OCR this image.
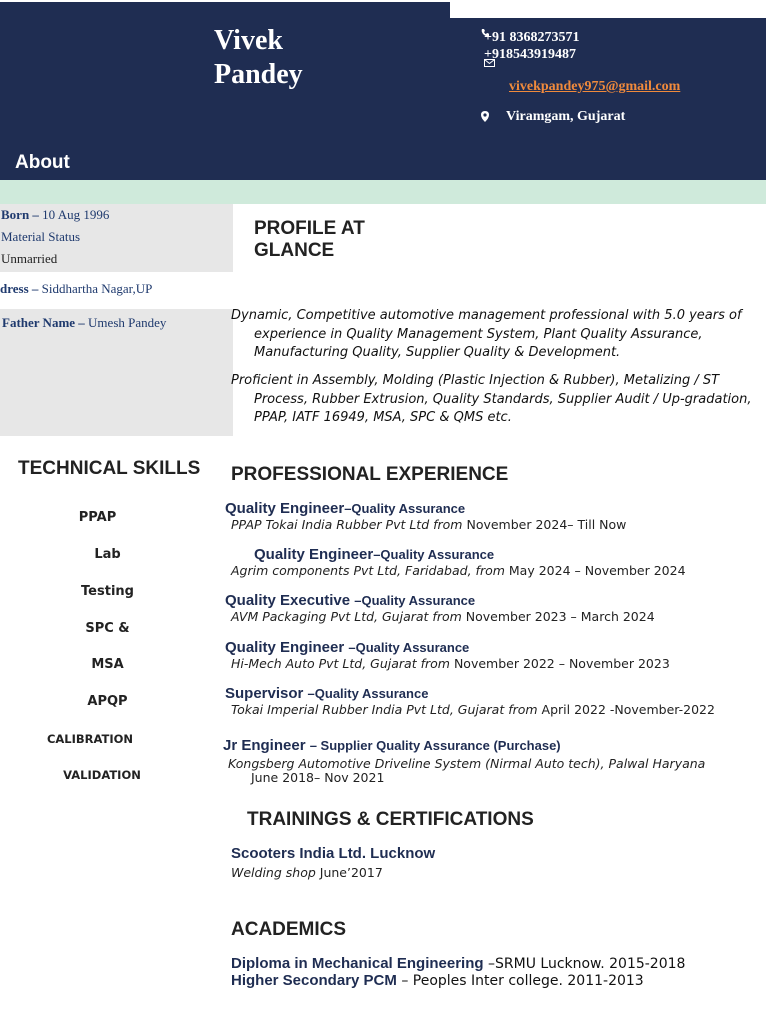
Vivek
Pandey
+91 8368273571
+918543919487
vivekpandey975@gmail.com
Viramgam, Gujarat
About
Born – 10 Aug 1996
Material Status
Unmarried
dress – Siddhartha Nagar,UP
Father Name – Umesh Pandey
PROFILE AT
GLANCE
Dynamic, Competitive automotive management professional with 5.0 years of
experience in Quality Management System, Plant Quality Assurance,
Manufacturing Quality, Supplier Quality & Development.
Proficient in Assembly, Molding (Plastic Injection & Rubber), Metalizing / ST
Process, Rubber Extrusion, Quality Standards, Supplier Audit / Up-gradation,
PPAP, IATF 16949, MSA, SPC & QMS etc.
TECHNICAL SKILLS
PPAP
Lab
Testing
SPC &
MSA
APQP
CALIBRATION
VALIDATION
PROFESSIONAL EXPERIENCE
Quality Engineer–Quality Assurance
PPAP Tokai India Rubber Pvt Ltd from November 2024– Till Now
Quality Engineer–Quality Assurance
Agrim components Pvt Ltd, Faridabad, from May 2024 – November 2024
Quality Executive –Quality Assurance
AVM Packaging Pvt Ltd, Gujarat from November 2023 – March 2024
Quality Engineer –Quality Assurance
Hi-Mech Auto Pvt Ltd, Gujarat from November 2022 – November 2023
Supervisor –Quality Assurance
Tokai Imperial Rubber India Pvt Ltd, Gujarat from April 2022 -November-2022
Jr Engineer – Supplier Quality Assurance (Purchase)
Kongsberg Automotive Driveline System (Nirmal Auto tech), Palwal Haryana
June 2018– Nov 2021
TRAININGS & CERTIFICATIONS
Scooters India Ltd. Lucknow
Welding shop June’2017
ACADEMICS
Diploma in Mechanical Engineering –SRMU Lucknow. 2015-2018
Higher Secondary PCM – Peoples Inter college. 2011-2013
